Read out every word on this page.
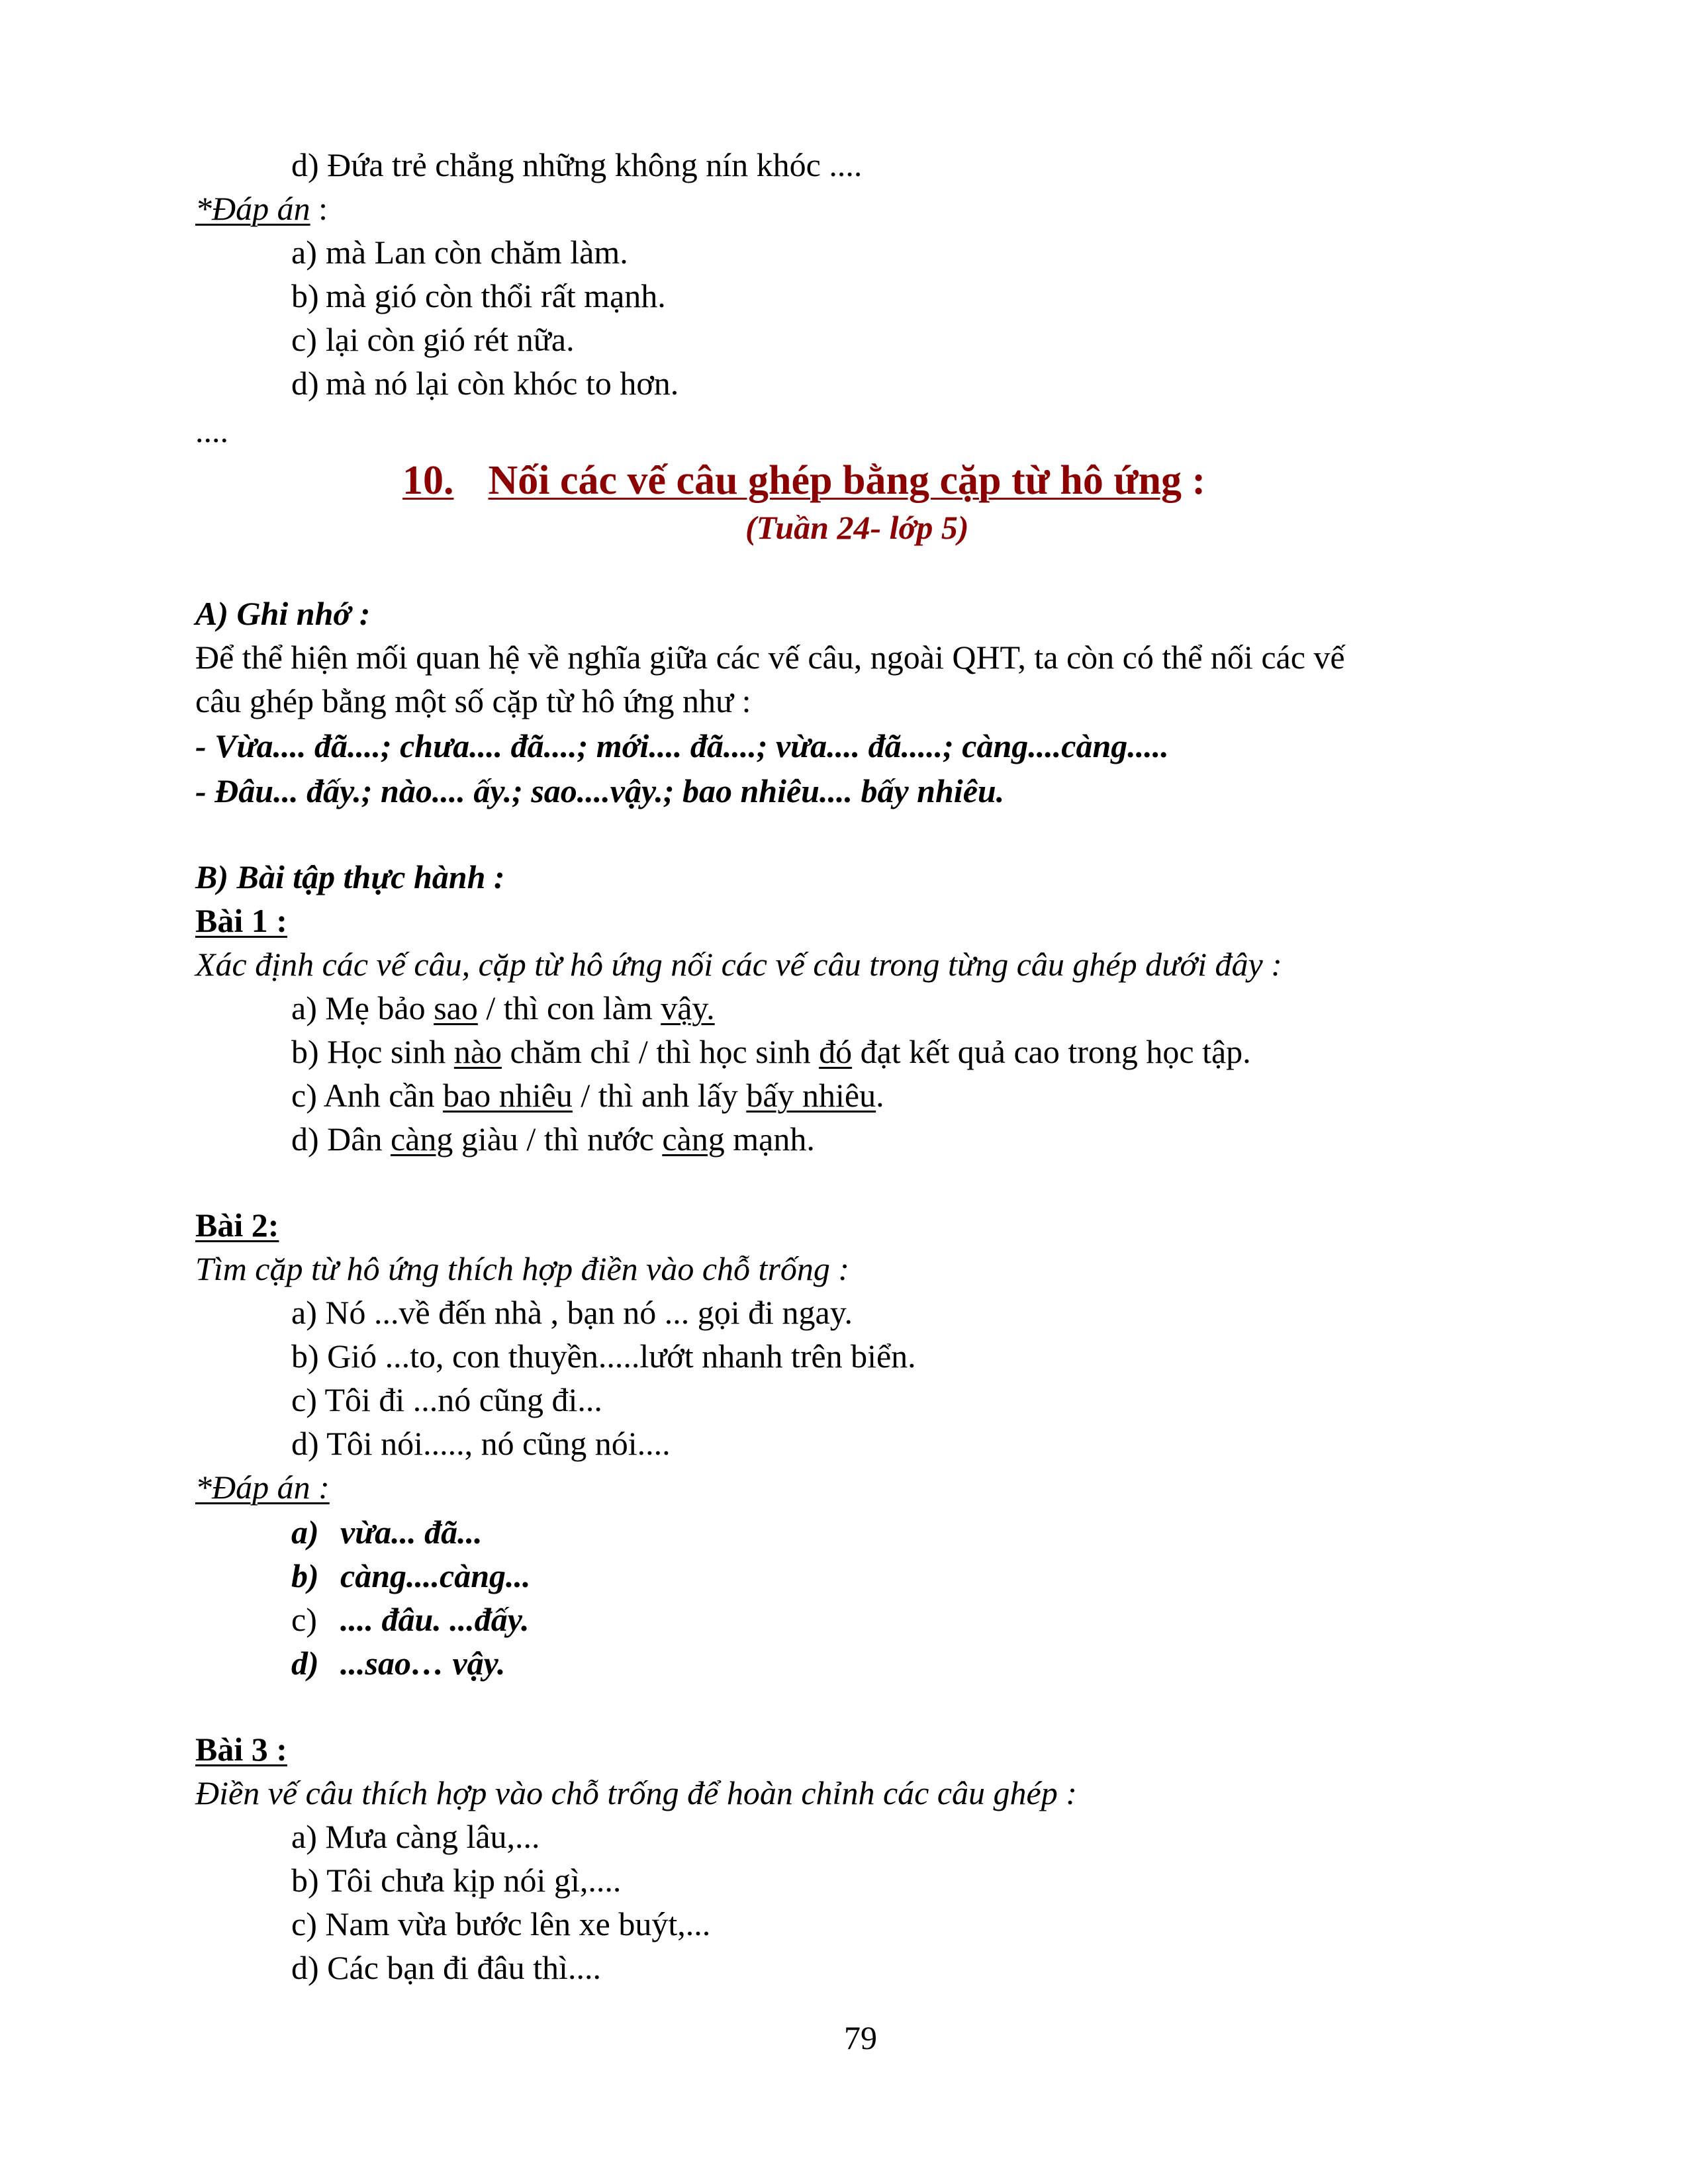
d) Đứa trẻ chẳng những không nín khóc ....
*Đáp án :
a) mà Lan còn chăm làm.
b) mà gió còn thổi rất mạnh.
c) lại còn gió rét nữa.
d) mà nó lại còn khóc to hơn.
....
10. Nối các vế câu ghép bằng cặp từ hô ứng :
(Tuần 24- lớp 5)
A) Ghi nhớ :
Để thể hiện mối quan hệ về nghĩa giữa các vế câu, ngoài QHT, ta còn có thể nối các vế
câu ghép bằng một số cặp từ hô ứng như :
- Vừa.... đã....; chưa.... đã....; mới.... đã....; vừa.... đã.....; càng....càng.....
- Đâu... đấy.; nào.... ấy.; sao....vậy.; bao nhiêu.... bấy nhiêu.
B) Bài tập thực hành :
Bài 1 :
Xác định các vế câu, cặp từ hô ứng nối các vế câu trong từng câu ghép dưới đây :
a) Mẹ bảo sao / thì con làm vậy.
b) Học sinh nào chăm chỉ / thì học sinh đó đạt kết quả cao trong học tập.
c) Anh cần bao nhiêu / thì anh lấy bấy nhiêu.
d) Dân càng giàu / thì nước càng mạnh.
Bài 2:
Tìm cặp từ hô ứng thích hợp điền vào chỗ trống :
a) Nó ...về đến nhà , bạn nó ... gọi đi ngay.
b) Gió ...to, con thuyền.....lướt nhanh trên biển.
c) Tôi đi ...nó cũng đi...
d) Tôi nói....., nó cũng nói....
*Đáp án :
a) vừa... đã...
b) càng....càng...
c) .... đâu. ...đấy.
d) ...sao… vậy.
Bài 3 :
Điền vế câu thích hợp vào chỗ trống để hoàn chỉnh các câu ghép :
a) Mưa càng lâu,...
b) Tôi chưa kịp nói gì,....
c) Nam vừa bước lên xe buýt,...
d) Các bạn đi đâu thì....
79
